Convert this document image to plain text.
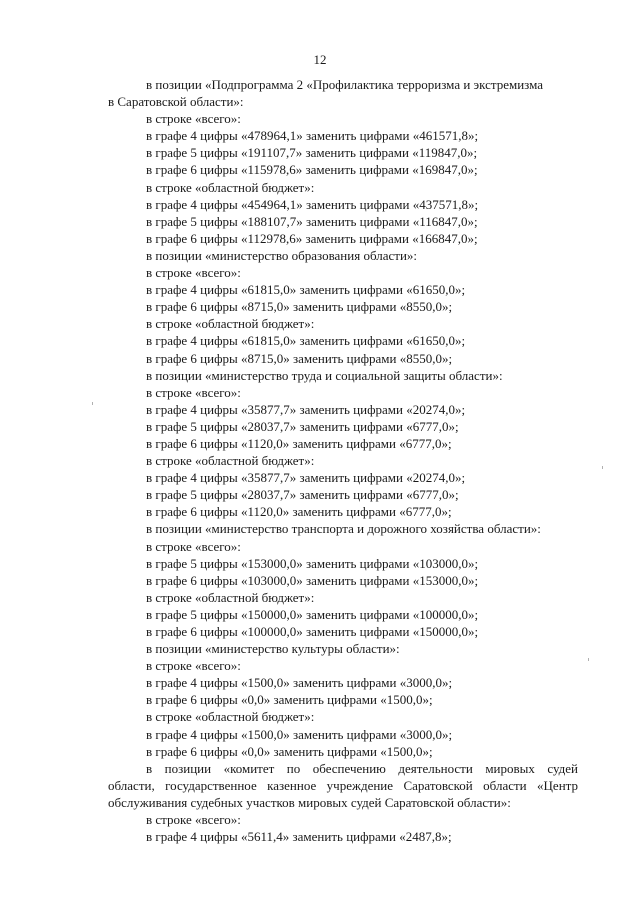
12

в позиции «Подпрограмма 2 «Профилактика терроризма и экстремизма

в Саратовской области»:

в строке «всего»:

в графе 4 цифры «478964,1» заменить цифрами «461571,8»;

в графе 5 цифры «191107,7» заменить цифрами «119847,0»;

в графе 6 цифры «115978,6» заменить цифрами «169847,0»;

в строке «областной бюджет»:

в графе 4 цифры «454964,1» заменить цифрами «437571,8»;

в графе 5 цифры «188107,7» заменить цифрами «116847,0»;

в графе 6 цифры «112978,6» заменить цифрами «166847,0»;

в позиции «министерство образования области»:

в строке «всего»:

в графе 4 цифры «61815,0» заменить цифрами «61650,0»;

в графе 6 цифры «8715,0» заменить цифрами «8550,0»;

в строке «областной бюджет»:

в графе 4 цифры «61815,0» заменить цифрами «61650,0»;

в графе 6 цифры «8715,0» заменить цифрами «8550,0»;

в позиции «министерство труда и социальной защиты области»:

в строке «всего»:

в графе 4 цифры «35877,7» заменить цифрами «20274,0»;

в графе 5 цифры «28037,7» заменить цифрами «6777,0»;

в графе 6 цифры «1120,0» заменить цифрами «6777,0»;

в строке «областной бюджет»:

в графе 4 цифры «35877,7» заменить цифрами «20274,0»;

в графе 5 цифры «28037,7» заменить цифрами «6777,0»;

в графе 6 цифры «1120,0» заменить цифрами «6777,0»;

в позиции «министерство транспорта и дорожного хозяйства области»:

в строке «всего»:

в графе 5 цифры «153000,0» заменить цифрами «103000,0»;

в графе 6 цифры «103000,0» заменить цифрами «153000,0»;

в строке «областной бюджет»:

в графе 5 цифры «150000,0» заменить цифрами «100000,0»;

в графе 6 цифры «100000,0» заменить цифрами «150000,0»;

в позиции «министерство культуры области»:

в строке «всего»:

в графе 4 цифры «1500,0» заменить цифрами «3000,0»;

в графе 6 цифры «0,0» заменить цифрами «1500,0»;

в строке «областной бюджет»:

в графе 4 цифры «1500,0» заменить цифрами «3000,0»;

в графе 6 цифры «0,0» заменить цифрами «1500,0»;

в позиции «комитет по обеспечению деятельности мировых судей
области, государственное казенное учреждение Саратовской области «Центр
обслуживания судебных участков мировых судей Саратовской области»:

в строке «всего»:

в графе 4 цифры «5611,4» заменить цифрами «2487,8»;
